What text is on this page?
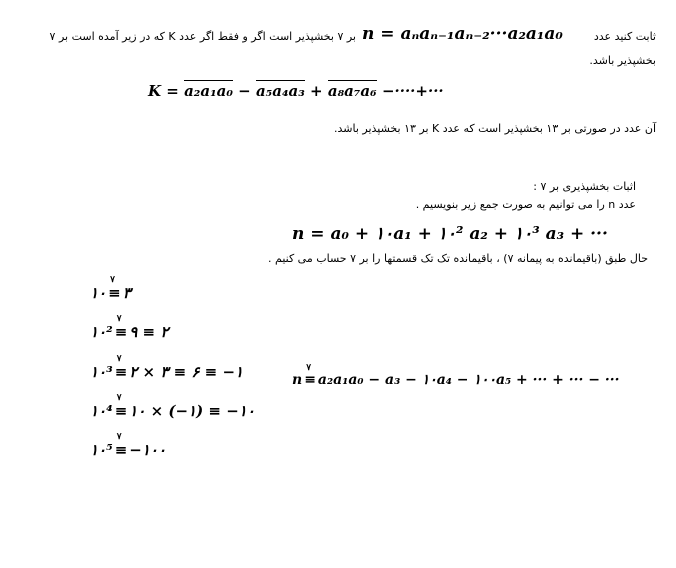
ثابت کنید عدد
n = aₙaₙ₋₁aₙ₋₂···a₂a₁a₀
بر ۷ بخشپذیر است اگر و فقط اگر عدد K که در زیر آمده است بر ۷
بخشپذیر باشد.
K = a₂a₁a₀ − a₅a₄a₃ + a₈a₇a₆ −····+···
آن عدد در صورتی بر ۱۳ بخشپذیر است که عدد K بر ۱۳ بخشپذیر باشد.
اثبات بخشپذیری بر ۷ :
عدد n را می توانیم به صورت جمع زیر بنویسیم .
n = a₀ + ۱۰a₁ + ۱۰² a₂ + ۱۰³ a₃ + ···
حال طبق (باقیمانده به پیمانه ۷) ، باقیمانده تک تک قسمتها را بر ۷ حساب می کنیم .
۱۰ ≡
۷
۳
۱۰² ≡
۷
۹ ≡ ۲
۱۰³ ≡
۷
۲ × ۳ ≡ ۶ ≡ −۱
۱۰⁴ ≡
۷
۱۰ × (−۱) ≡ −۱۰
۱۰⁵ ≡
۷
−۱۰۰
n ≡
۷
a₂a₁a₀ − a₃ − ۱۰a₄ − ۱۰۰a₅ + ··· + ··· − ···
